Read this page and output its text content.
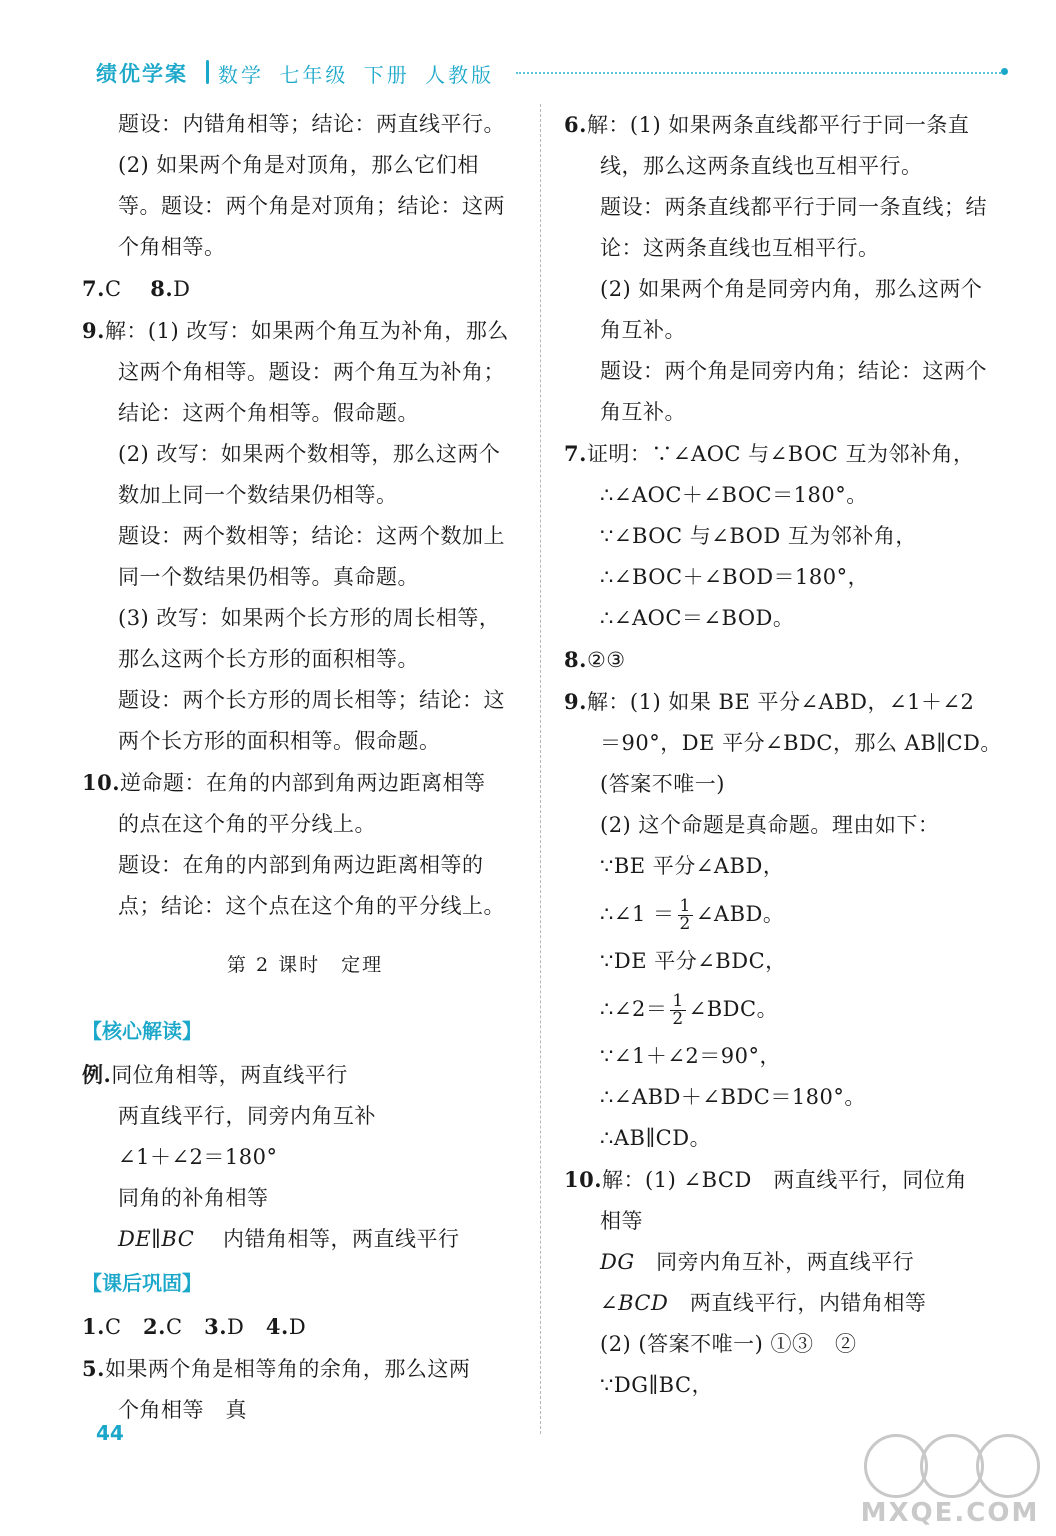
绩优学案 数学 七年级 下册 人教版
题设：内错角相等；结论：两直线平行。
(2) 如果两个角是对顶角，那么它们相
等。题设：两个角是对顶角；结论：这两
个角相等。
7.C 8.D
9.解：(1) 改写：如果两个角互为补角，那么
这两个角相等。题设：两个角互为补角；
结论：这两个角相等。假命题。
(2) 改写：如果两个数相等，那么这两个
数加上同一个数结果仍相等。
题设：两个数相等；结论：这两个数加上
同一个数结果仍相等。真命题。
(3) 改写：如果两个长方形的周长相等，
那么这两个长方形的面积相等。
题设：两个长方形的周长相等；结论：这
两个长方形的面积相等。假命题。
10.逆命题：在角的内部到角两边距离相等
的点在这个角的平分线上。
题设：在角的内部到角两边距离相等的
点；结论：这个点在这个角的平分线上。
第 2 课时　定理
【核心解读】
例.同位角相等，两直线平行
两直线平行，同旁内角互补
∠1＋∠2＝180°
同角的补角相等
DE∥BC 内错角相等，两直线平行
【课后巩固】
1.C 2.C 3.D 4.D
5.如果两个角是相等角的余角，那么这两
个角相等　真
6.解：(1) 如果两条直线都平行于同一条直
线，那么这两条直线也互相平行。
题设：两条直线都平行于同一条直线；结
论：这两条直线也互相平行。
(2) 如果两个角是同旁内角，那么这两个
角互补。
题设：两个角是同旁内角；结论：这两个
角互补。
7.证明：∵∠AOC 与∠BOC 互为邻补角，
∴∠AOC＋∠BOC＝180°。
∵∠BOC 与∠BOD 互为邻补角，
∴∠BOC＋∠BOD＝180°，
∴∠AOC＝∠BOD。
8.②③
9.解：(1) 如果 BE 平分∠ABD，∠1＋∠2
＝90°，DE 平分∠BDC，那么 AB∥CD。
(答案不唯一)
(2) 这个命题是真命题。理由如下：
∵BE 平分∠ABD，
∴∠1 ＝ $\frac{1}{2}$ ∠ABD。
∵DE 平分∠BDC，
∴∠2＝ $\frac{1}{2}$ ∠BDC。
∵∠1＋∠2＝90°，
∴∠ABD＋∠BDC＝180°。
∴AB∥CD。
10.解：(1) ∠BCD 两直线平行，同位角
相等
DG 同旁内角互补，两直线平行
∠BCD 两直线平行，内错角相等
(2) (答案不唯一) ①③ ②
∵DG∥BC，
44
MXQE.COM
